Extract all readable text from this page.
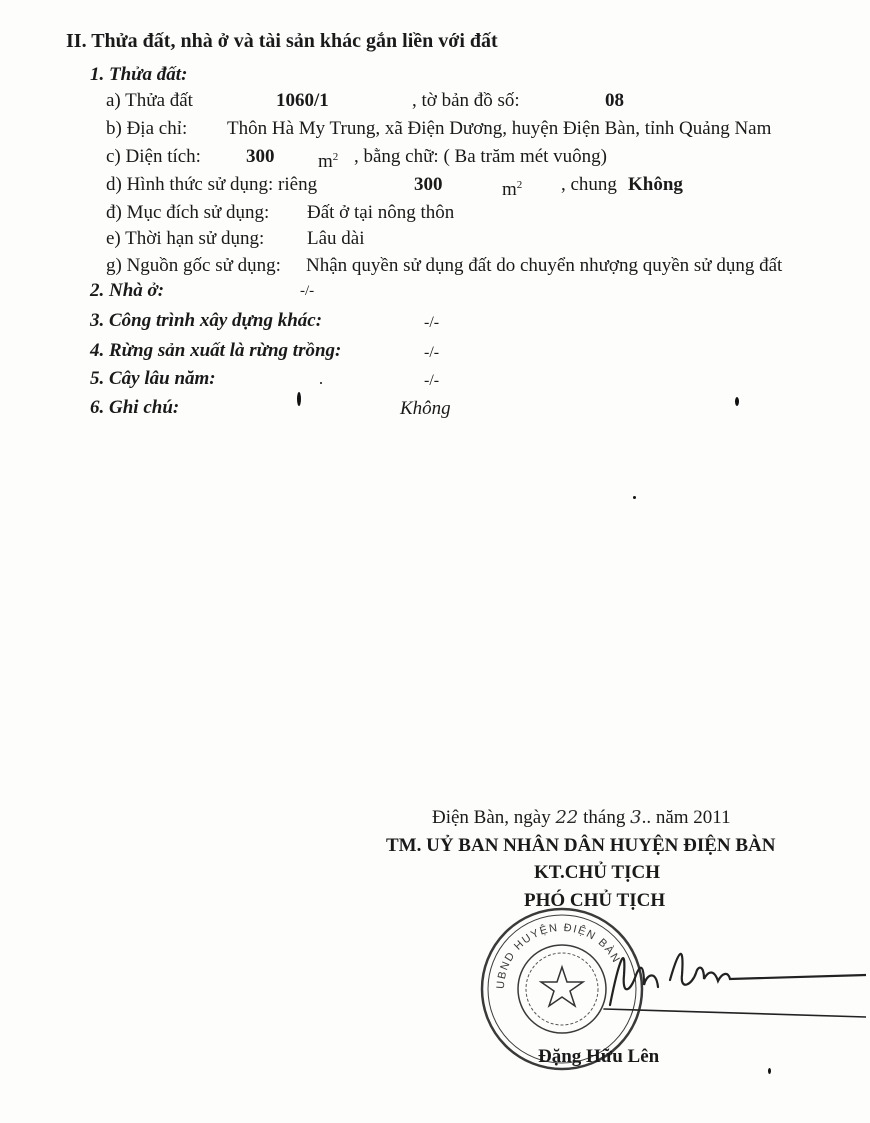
II. Thửa đất, nhà ở và tài sản khác gắn liền với đất
1. Thửa đất:
a) Thửa đất	1060/1	, tờ bản đồ số:	08
b) Địa chỉ: Thôn Hà My Trung, xã Điện Dương, huyện Điện Bàn, tỉnh Quảng Nam
c) Diện tích: 300 $m^2$ , bằng chữ: ( Ba trăm mét vuông)
d) Hình thức sử dụng: riêng	300	$m^2$ , chung Không
đ) Mục đích sử dụng: Đất ở tại nông thôn
e) Thời hạn sử dụng: Lâu dài
g) Nguồn gốc sử dụng: Nhận quyền sử dụng đất do chuyển nhượng quyền sử dụng đất
2. Nhà ở:	-/-
3. Công trình xây dựng khác:	-/-
4. Rừng sản xuất là rừng trồng:	-/-
5. Cây lâu năm:	-/-
6. Ghi chú:	Không
Điện Bàn, ngày 22 tháng 3.. năm 2011
TM. UỶ BAN NHÂN DÂN HUYỆN ĐIỆN BÀN
KT.CHỦ TỊCH
PHÓ CHỦ TỊCH
UBND HUYỆN ĐIỆN BÀN
Đặng Hữu Lên
